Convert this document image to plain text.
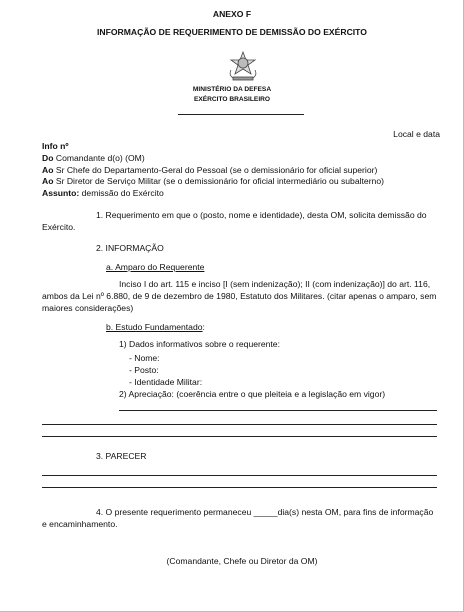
ANEXO F
INFORMAÇÃO DE REQUERIMENTO DE DEMISSÃO DO EXÉRCITO
MINISTÉRIO DA DEFESA
EXÉRCITO BRASILEIRO
Local e data
Info nº
Do Comandante d(o) (OM)
Ao Sr Chefe do Departamento-Geral do Pessoal (se o demissionário for oficial superior)
Ao Sr Diretor de Serviço Militar (se o demissionário for oficial intermediário ou subalterno)
Assunto: demissão do Exército
1. Requerimento em que o (posto, nome e identidade), desta OM, solicita demissão do
Exército.
2. INFORMAÇÃO
a. Amparo do Requerente
Inciso I do art. 115 e inciso [I (sem indenização); II (com indenização)] do art. 116,
ambos da Lei nº 6.880, de 9 de dezembro de 1980, Estatuto dos Militares. (citar apenas o amparo, sem
maiores considerações)
b. Estudo Fundamentado:
1) Dados informativos sobre o requerente:
- Nome:
- Posto:
- Identidade Militar:
2) Apreciação: (coerência entre o que pleiteia e a legislação em vigor)
3. PARECER
4. O presente requerimento permaneceu _____dia(s) nesta OM, para fins de informação
e encaminhamento.
(Comandante, Chefe ou Diretor da OM)
